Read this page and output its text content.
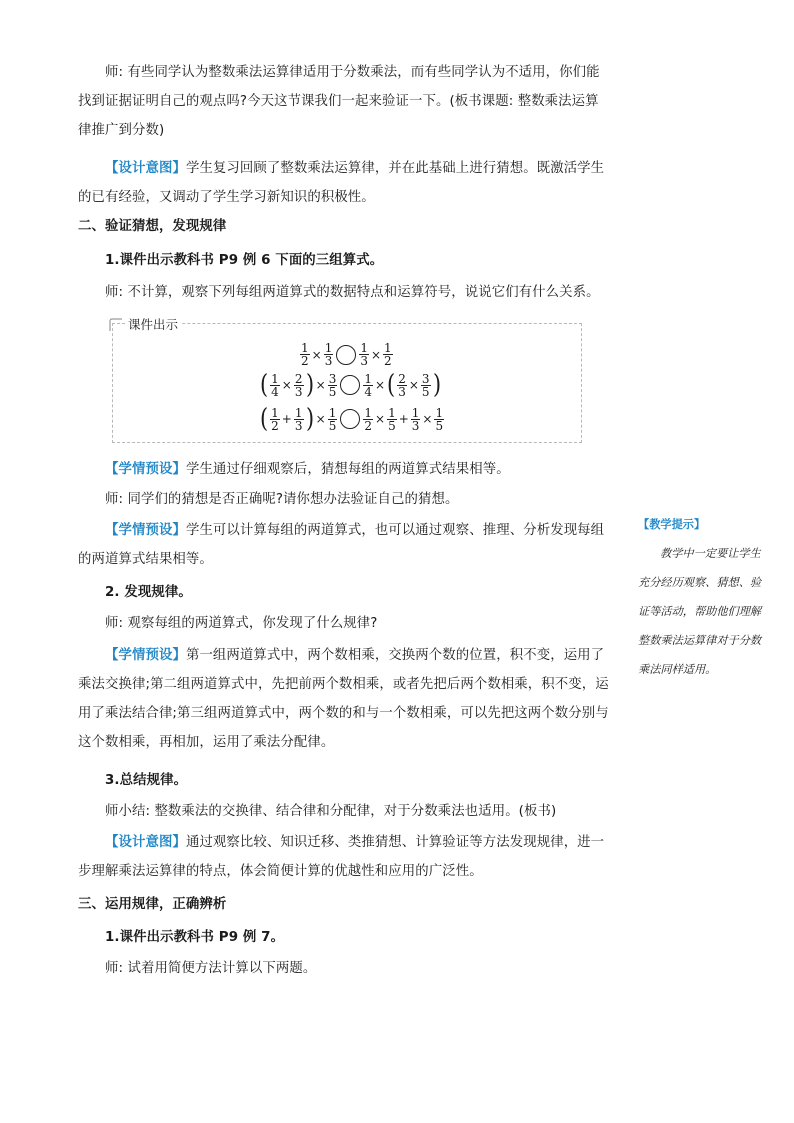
师: 有些同学认为整数乘法运算律适用于分数乘法，而有些同学认为不适用，你们能找到证据证明自己的观点吗?今天这节课我们一起来验证一下。(板书课题: 整数乘法运算律推广到分数)

【设计意图】学生复习回顾了整数乘法运算律，并在此基础上进行猜想。既激活学生的已有经验，又调动了学生学习新知识的积极性。

二、验证猜想，发现规律

1.课件出示教科书 P9 例 6 下面的三组算式。

师: 不计算，观察下列每组两道算式的数据特点和运算符号，说说它们有什么关系。

【学情预设】学生通过仔细观察后，猜想每组的两道算式结果相等。

师: 同学们的猜想是否正确呢?请你想办法验证自己的猜想。

【学情预设】学生可以计算每组的两道算式，也可以通过观察、推理、分析发现每组的两道算式结果相等。

2. 发现规律。

师: 观察每组的两道算式，你发现了什么规律?

【学情预设】第一组两道算式中，两个数相乘，交换两个数的位置，积不变，运用了乘法交换律;第二组两道算式中，先把前两个数相乘，或者先把后两个数相乘，积不变，运用了乘法结合律;第三组两道算式中，两个数的和与一个数相乘，可以先把这两个数分别与这个数相乘，再相加，运用了乘法分配律。

3.总结规律。

师小结: 整数乘法的交换律、结合律和分配律，对于分数乘法也适用。(板书)

【设计意图】通过观察比较、知识迁移、类推猜想、计算验证等方法发现规律，进一步理解乘法运算律的特点，体会简便计算的优越性和应用的广泛性。

三、运用规律，正确辨析

1.课件出示教科书 P9 例 7。

师: 试着用简便方法计算以下两题。

课件出示
$\frac{1}{2} \times \frac{1}{3} \frac{1}{3} \times \frac{1}{2}$
( $\frac{1}{4} \times \frac{2}{3}$ ) × $\frac{3}{5} \frac{1}{4}$ × ( $\frac{2}{3} \times \frac{3}{5}$ )
( $\frac{1}{2} + \frac{1}{3}$ ) × $\frac{1}{5} \frac{1}{2} \times \frac{1}{5} + \frac{1}{3} \times \frac{1}{5}$
【教学提示】
教学中一定要让学生充分经历观察、猜想、验证等活动，帮助他们理解整数乘法运算律对于分数乘法同样适用。
